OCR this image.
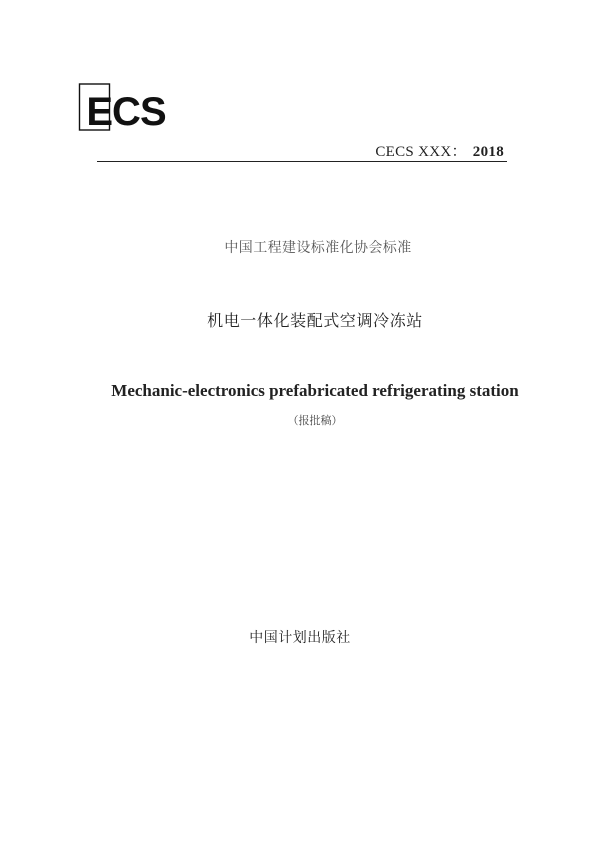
ECS
CECS XXX： 2018
中国工程建设标准化协会标准
机电一体化装配式空调冷冻站
Mechanic-electronics prefabricated refrigerating station
（报批稿）
中国计划出版社
